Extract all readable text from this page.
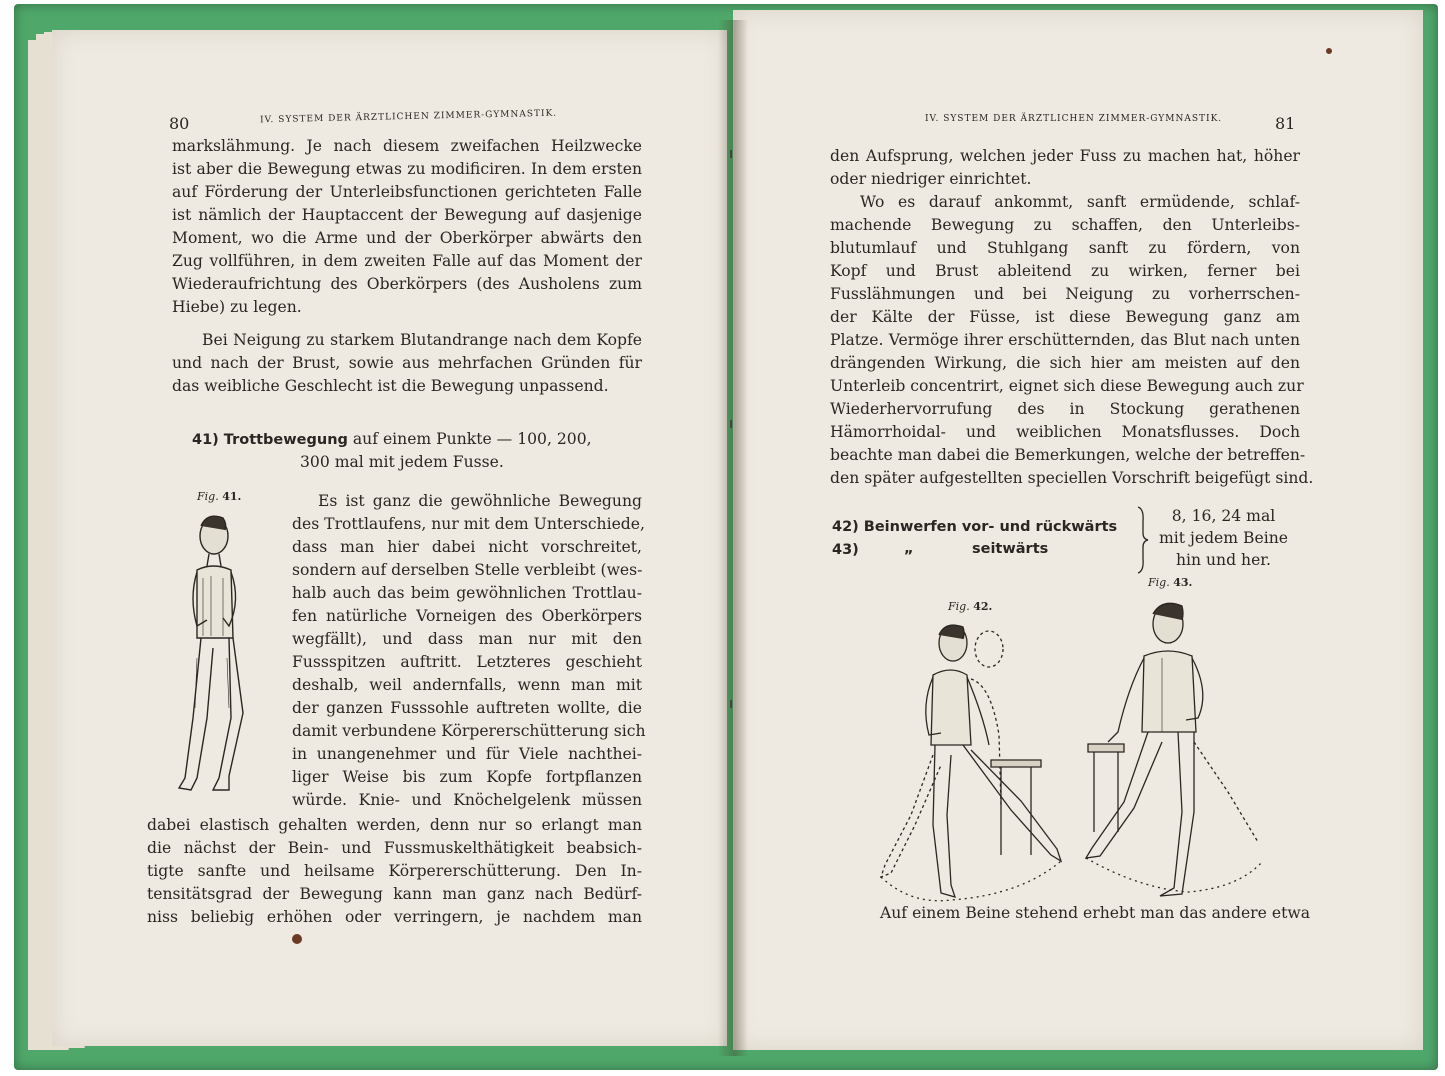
80	IV. SYSTEM DER ÄRZTLICHEN ZIMMER-GYMNASTIK.
markslähmung. Je nach diesem zweifachen Heilzwecke
ist aber die Bewegung etwas zu modificiren. In dem ersten
auf Förderung der Unterleibsfunctionen gerichteten Falle
ist nämlich der Hauptaccent der Bewegung auf dasjenige
Moment, wo die Arme und der Oberkörper abwärts den
Zug vollführen, in dem zweiten Falle auf das Moment der
Wiederaufrichtung des Oberkörpers (des Ausholens zum
Hiebe) zu legen.
Bei Neigung zu starkem Blutandrange nach dem Kopfe
und nach der Brust, sowie aus mehrfachen Gründen für
das weibliche Geschlecht ist die Bewegung unpassend.
41) Trottbewegung auf einem Punkte — 100, 200,
300 mal mit jedem Fusse.
Fig. 41.	Es ist ganz die gewöhnliche Bewegung
des Trottlaufens, nur mit dem Unterschiede,
dass man hier dabei nicht vorschreitet,
sondern auf derselben Stelle verbleibt (wes-
halb auch das beim gewöhnlichen Trottlau-
fen natürliche Vorneigen des Oberkörpers
wegfällt), und dass man nur mit den
Fussspitzen auftritt. Letzteres geschieht
deshalb, weil andernfalls, wenn man mit
der ganzen Fusssohle auftreten wollte, die
damit verbundene Körpererschütterung sich
in unangenehmer und für Viele nachthei-
liger Weise bis zum Kopfe fortpflanzen
würde. Knie- und Knöchelgelenk müssen
dabei elastisch gehalten werden, denn nur so erlangt man
die nächst der Bein- und Fussmuskelthätigkeit beabsich-
tigte sanfte und heilsame Körpererschütterung. Den In-
tensitätsgrad der Bewegung kann man ganz nach Bedürf-
niss beliebig erhöhen oder verringern, je nachdem man
IV. SYSTEM DER ÄRZTLICHEN ZIMMER-GYMNASTIK.	81
den Aufsprung, welchen jeder Fuss zu machen hat, höher
oder niedriger einrichtet.
Wo es darauf ankommt, sanft ermüdende, schlaf-
machende Bewegung zu schaffen, den Unterleibs-
blutumlauf und Stuhlgang sanft zu fördern, von
Kopf und Brust ableitend zu wirken, ferner bei
Fusslähmungen und bei Neigung zu vorherrschen-
der Kälte der Füsse, ist diese Bewegung ganz am
Platze. Vermöge ihrer erschütternden, das Blut nach unten
drängenden Wirkung, die sich hier am meisten auf den
Unterleib concentrirt, eignet sich diese Bewegung auch zur
Wiederhervorrufung des in Stockung gerathenen
Hämorrhoidal- und weiblichen Monatsflusses. Doch
beachte man dabei die Bemerkungen, welche der betreffen-
den später aufgestellten speciellen Vorschrift beigefügt sind.
42) Beinwerfen vor- und rückwärts
43)	„	seitwärts
8, 16, 24 mal
mit jedem Beine
hin und her.
Fig. 43.
Fig. 42.
Auf einem Beine stehend erhebt man das andere etwa
